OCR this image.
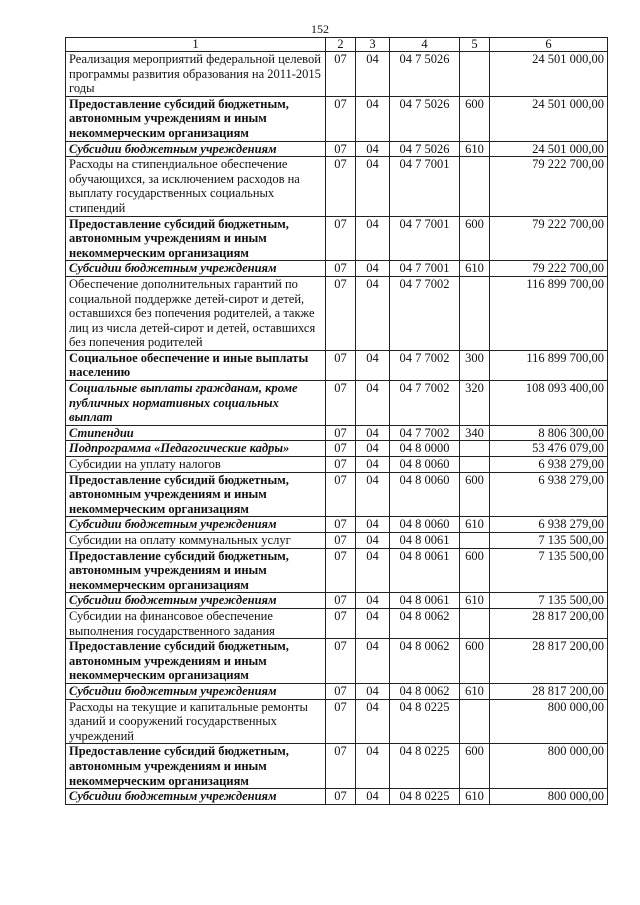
152
1	2	3	4	5	6
Реализация мероприятий федеральной целевой программы развития образования на 2011-2015 годы	07	04	04 7 5026		24 501 000,00
Предоставление субсидий бюджетным, автономным учреждениям и иным некоммерческим организациям	07	04	04 7 5026	600	24 501 000,00
Субсидии бюджетным учреждениям	07	04	04 7 5026	610	24 501 000,00
Расходы на стипендиальное обеспечение обучающихся, за исключением расходов на выплату государственных социальных стипендий	07	04	04 7 7001		79 222 700,00
Предоставление субсидий бюджетным, автономным учреждениям и иным некоммерческим организациям	07	04	04 7 7001	600	79 222 700,00
Субсидии бюджетным учреждениям	07	04	04 7 7001	610	79 222 700,00
Обеспечение дополнительных гарантий по социальной поддержке детей-сирот и детей, оставшихся без попечения родителей, а также лиц из числа детей-сирот и детей, оставшихся без попечения родителей	07	04	04 7 7002		116 899 700,00
Социальное обеспечение и иные выплаты населению	07	04	04 7 7002	300	116 899 700,00
Социальные выплаты гражданам, кроме публичных нормативных социальных выплат	07	04	04 7 7002	320	108 093 400,00
Стипендии	07	04	04 7 7002	340	8 806 300,00
Подпрограмма «Педагогические кадры»	07	04	04 8 0000		53 476 079,00
Субсидии на уплату налогов	07	04	04 8 0060		6 938 279,00
Предоставление субсидий бюджетным, автономным учреждениям и иным некоммерческим организациям	07	04	04 8 0060	600	6 938 279,00
Субсидии бюджетным учреждениям	07	04	04 8 0060	610	6 938 279,00
Субсидии на оплату коммунальных услуг	07	04	04 8 0061		7 135 500,00
Предоставление субсидий бюджетным, автономным учреждениям и иным некоммерческим организациям	07	04	04 8 0061	600	7 135 500,00
Субсидии бюджетным учреждениям	07	04	04 8 0061	610	7 135 500,00
Субсидии на финансовое обеспечение выполнения государственного задания	07	04	04 8 0062		28 817 200,00
Предоставление субсидий бюджетным, автономным учреждениям и иным некоммерческим организациям	07	04	04 8 0062	600	28 817 200,00
Субсидии бюджетным учреждениям	07	04	04 8 0062	610	28 817 200,00
Расходы на текущие и капитальные ремонты зданий и сооружений государственных учреждений	07	04	04 8 0225		800 000,00
Предоставление субсидий бюджетным, автономным учреждениям и иным некоммерческим организациям	07	04	04 8 0225	600	800 000,00
Субсидии бюджетным учреждениям	07	04	04 8 0225	610	800 000,00
